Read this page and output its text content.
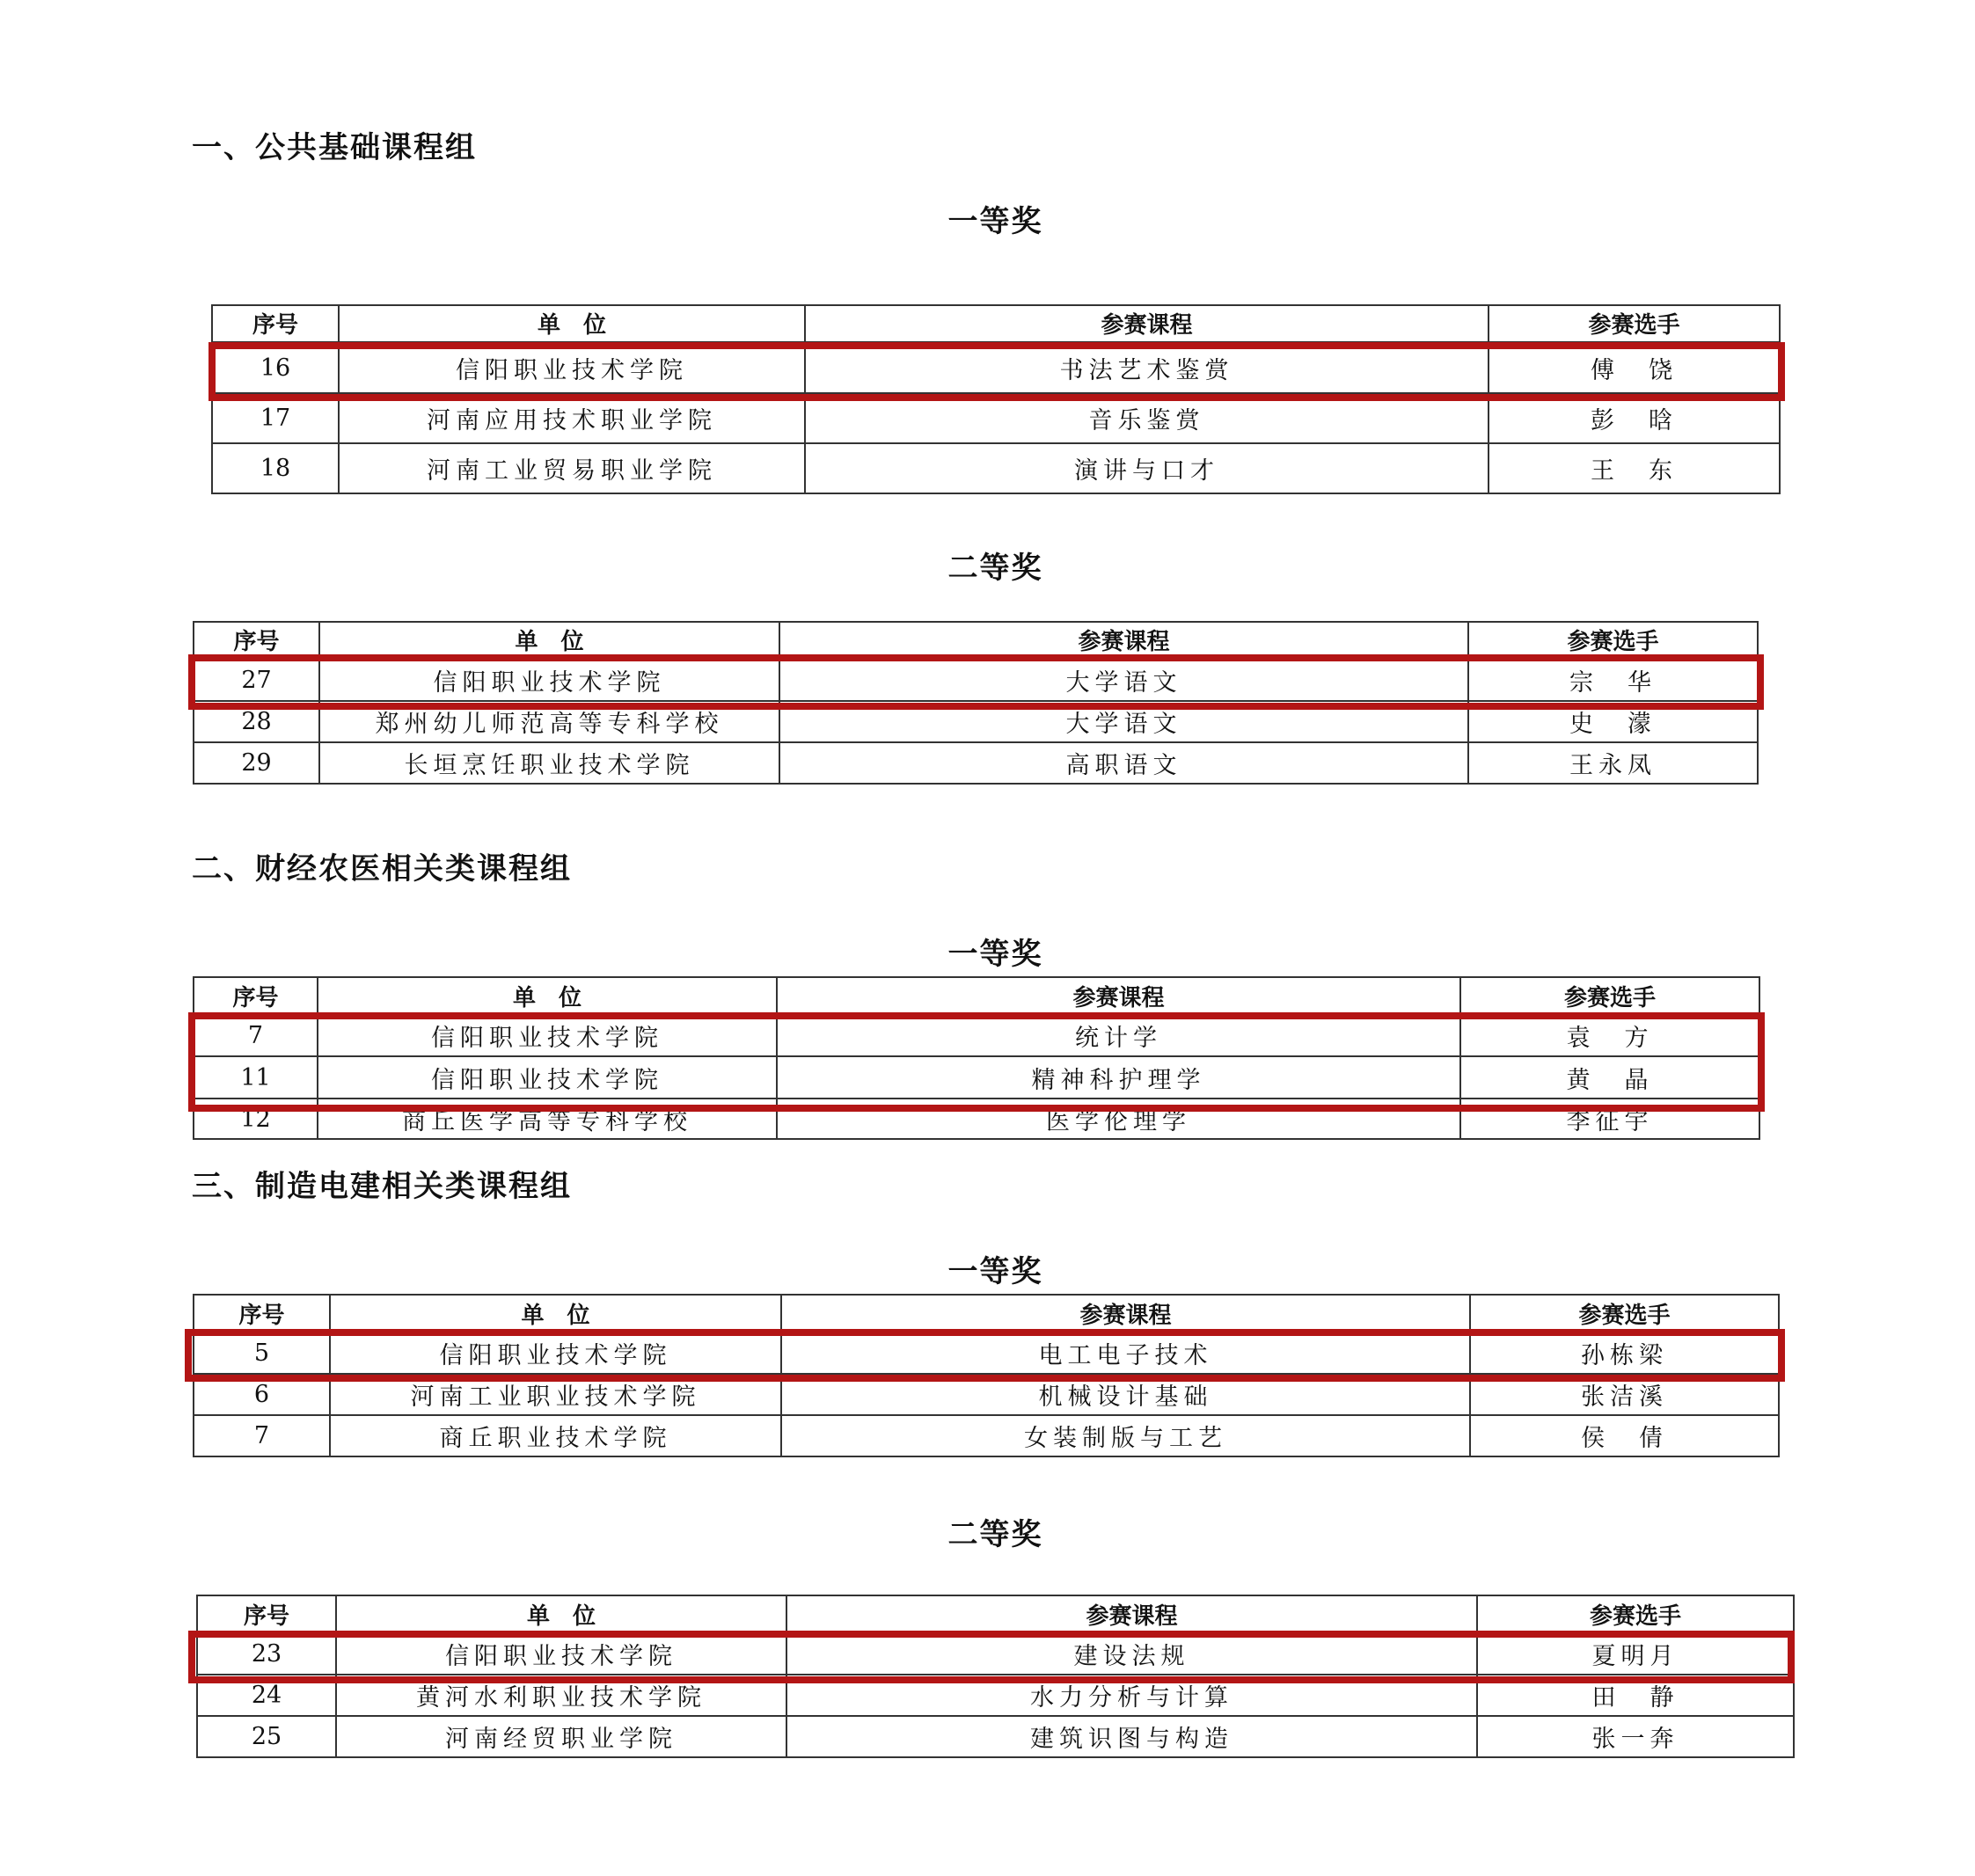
一、公共基础课程组
一等奖
序号	单　位	参赛课程	参赛选手
16	信阳职业技术学院	书法艺术鉴赏	傅　饶
17	河南应用技术职业学院	音乐鉴赏	彭　晗
18	河南工业贸易职业学院	演讲与口才	王　东
二等奖
序号	单　位	参赛课程	参赛选手
27	信阳职业技术学院	大学语文	宗　华
28	郑州幼儿师范高等专科学校	大学语文	史　濛
29	长垣烹饪职业技术学院	高职语文	王永凤
二、财经农医相关类课程组
一等奖
序号	单　位	参赛课程	参赛选手
7	信阳职业技术学院	统计学	袁　方
11	信阳职业技术学院	精神科护理学	黄　晶
12	商丘医学高等专科学校	医学伦理学	李征宇
三、制造电建相关类课程组
一等奖
序号	单　位	参赛课程	参赛选手
5	信阳职业技术学院	电工电子技术	孙栋梁
6	河南工业职业技术学院	机械设计基础	张洁溪
7	商丘职业技术学院	女装制版与工艺	侯　倩
二等奖
序号	单　位	参赛课程	参赛选手
23	信阳职业技术学院	建设法规	夏明月
24	黄河水利职业技术学院	水力分析与计算	田　静
25	河南经贸职业学院	建筑识图与构造	张一奔
